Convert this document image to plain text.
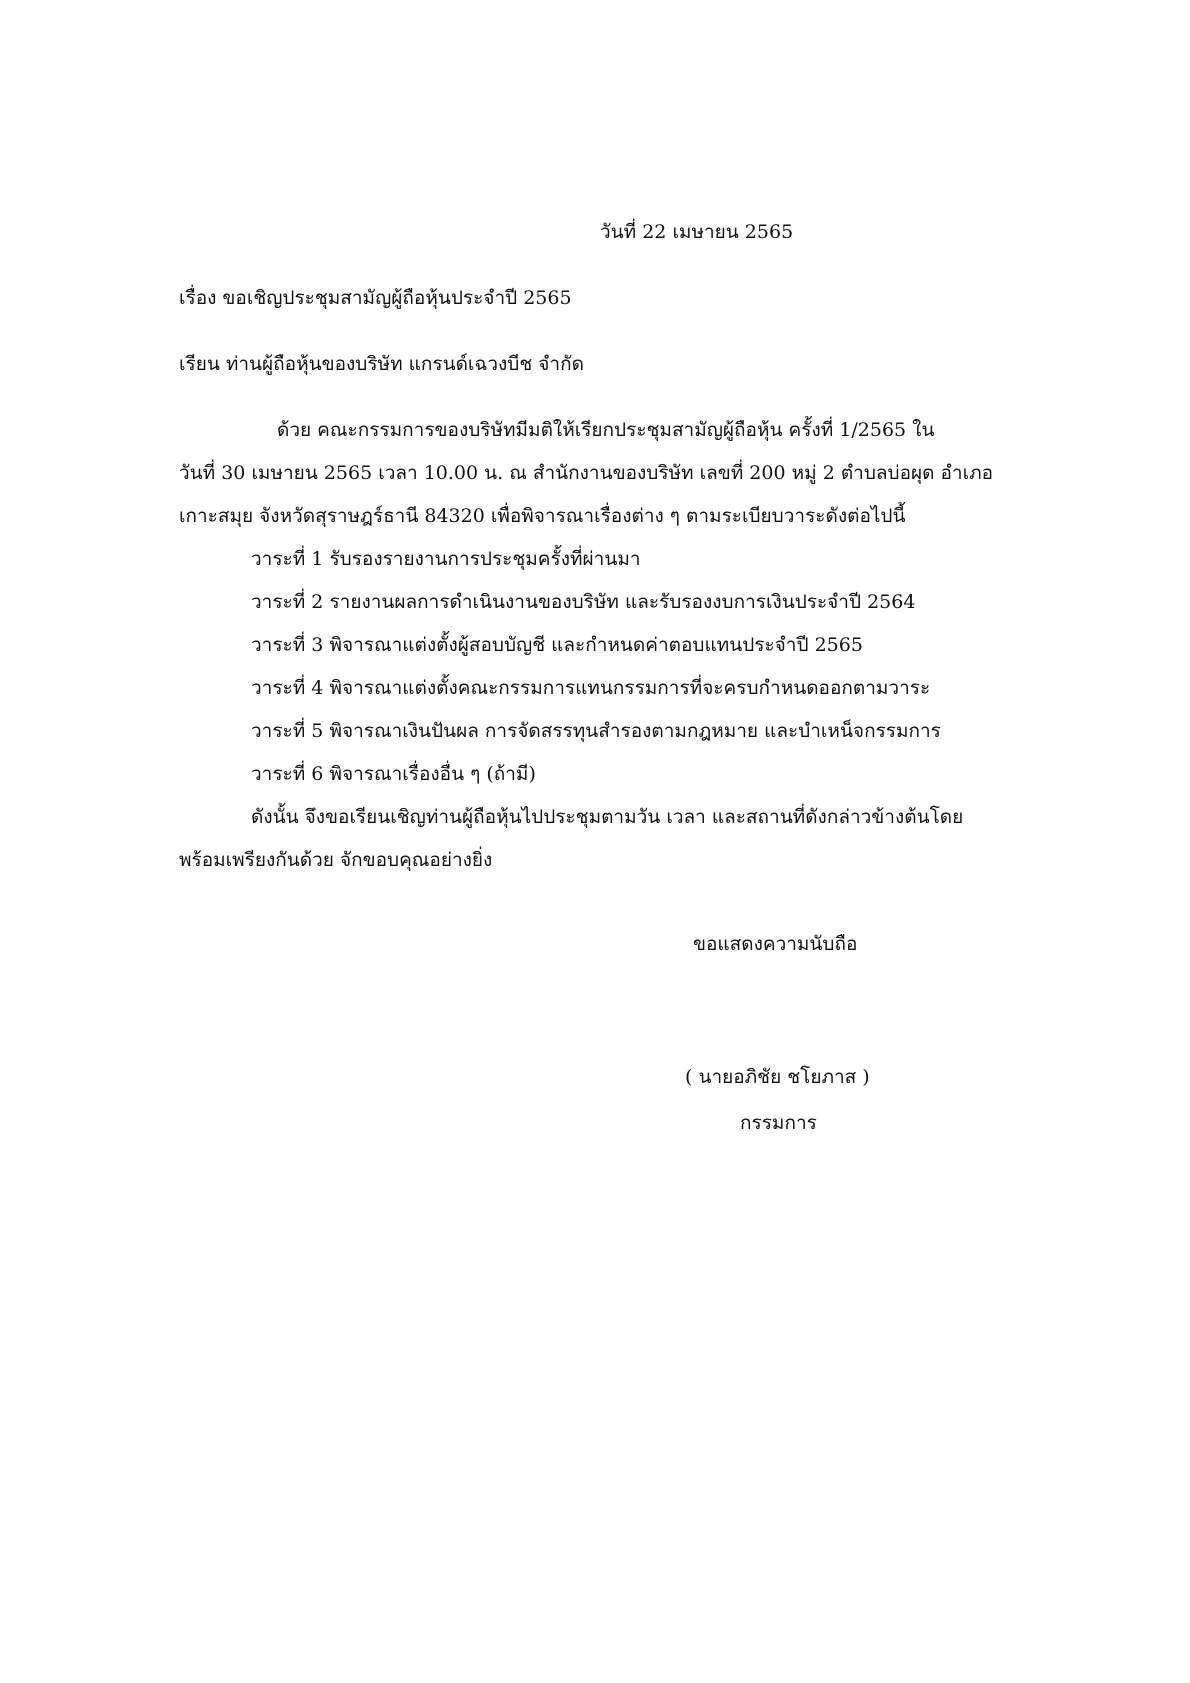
วันที่ 22 เมษายน 2565
เรื่อง ขอเชิญประชุมสามัญผู้ถือหุ้นประจำปี 2565
เรียน ท่านผู้ถือหุ้นของบริษัท แกรนด์เฉวงบีช จำกัด
ด้วย คณะกรรมการของบริษัทมีมติให้เรียกประชุมสามัญผู้ถือหุ้น ครั้งที่ 1/2565 ใน
วันที่ 30 เมษายน 2565 เวลา 10.00 น. ณ สำนักงานของบริษัท เลขที่ 200 หมู่ 2 ตำบลบ่อผุด อำเภอ
เกาะสมุย จังหวัดสุราษฎร์ธานี 84320 เพื่อพิจารณาเรื่องต่าง ๆ ตามระเบียบวาระดังต่อไปนี้
วาระที่ 1 รับรองรายงานการประชุมครั้งที่ผ่านมา
วาระที่ 2 รายงานผลการดำเนินงานของบริษัท และรับรองงบการเงินประจำปี 2564
วาระที่ 3 พิจารณาแต่งตั้งผู้สอบบัญชี และกำหนดค่าตอบแทนประจำปี 2565
วาระที่ 4 พิจารณาแต่งตั้งคณะกรรมการแทนกรรมการที่จะครบกำหนดออกตามวาระ
วาระที่ 5 พิจารณาเงินปันผล การจัดสรรทุนสำรองตามกฎหมาย และบำเหน็จกรรมการ
วาระที่ 6 พิจารณาเรื่องอื่น ๆ (ถ้ามี)
ดังนั้น จึงขอเรียนเชิญท่านผู้ถือหุ้นไปประชุมตามวัน เวลา และสถานที่ดังกล่าวข้างต้นโดย
พร้อมเพรียงกันด้วย จักขอบคุณอย่างยิ่ง
ขอแสดงความนับถือ
( นายอภิชัย ชโยภาส )
กรรมการ
